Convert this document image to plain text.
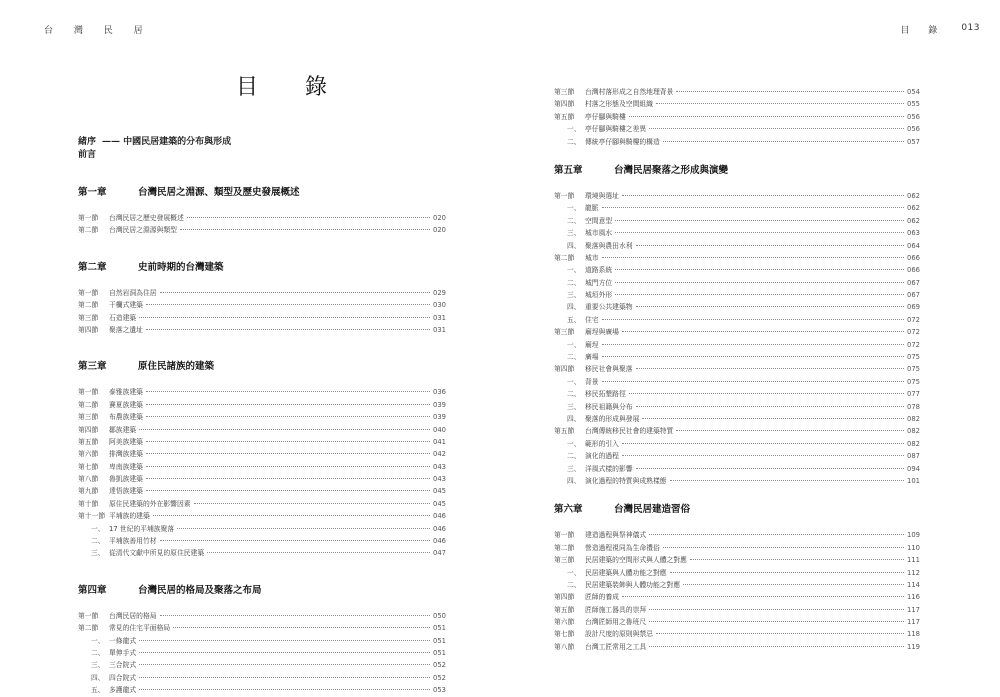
台 灣 民 居
目 錄
緒序 —— 中國民居建築的分布與形成
前言
第一章	台灣民居之淵源、類型及歷史發展概述
第一節	台灣民居之歷史發展概述	020
第二節	台灣民居之淵源與類型	020
第二章	史前時期的台灣建築
第一節	自然岩洞為住居	029
第二節	干欄式建築	030
第三節	石造建築	031
第四節	聚落之遺址	031
第三章	原住民諸族的建築
第一節	泰雅族建築	036
第二節	賽夏族建築	039
第三節	布農族建築	039
第四節	鄒族建築	040
第五節	阿美族建築	041
第六節	排灣族建築	042
第七節	卑南族建築	043
第八節	魯凱族建築	043
第九節	達悟族建築	045
第十節	原住民建築的外在影響因素	045
第十一節 平埔族的建築	046
一、 17 世紀的平埔族聚落	046
二、 平埔族善用竹材	046
三、 從清代文獻中所見的原住民建築	047
第四章	台灣民居的格局及聚落之布局
第一節	台灣民居的格局	050
第二節	常見的住宅平面格局	051
一、 一條龍式	051
二、 單伸手式	051
三、 三合院式	052
四、 四合院式	052
五、 多護龍式	053
目 錄 013
第三節	台灣村落形成之自然地理背景	054
第四節	村落之形態及空間組織	055
第五節	亭仔腳與騎樓	056
一、 亭仔腳與騎樓之差異	056
二、 傳統亭仔腳與騎樓的構造	057
第五章	台灣民居聚落之形成與演變
第一節	環境與選址	062
一、 龍脈	062
二、 空間意型	062
三、 城市風水	063
四、 聚落與農田水利	064
第二節	城市	066
一、 道路系統	066
二、 城門方位	067
三、 城垣外形	067
四、 重要公共建築物	069
五、 住宅	072
第三節	廟埕與廣場	072
一、 廟埕	072
二、 廣場	075
第四節	移民社會與聚落	075
一、 背景	075
二、 移民拓墾路徑	077
三、 移民祖籍與分布	078
四、 聚落的形成與發展	082
第五節	台灣傳統移民社會的建築特質	082
一、 範形的引入	082
二、 演化的過程	087
三、 洋風式樣的影響	094
四、 演化過程的特質與成熟樣態	101
第六章	台灣民居建造習俗
第一節	建造過程與祭神儀式	109
第二節	營造過程視同為生命禮俗	110
第三節	民居建築的空間形式與人體之對應	111
一、 民居建築與人體功能之對應	112
二、 民居建築裝飾與人體功能之對應	114
第四節	匠師的養成	116
第五節	匠師施工器具的崇拜	117
第六節	台灣匠師用之魯班尺	117
第七節	設計尺度的原則與禁忌	118
第八節	台灣工匠常用之工具	119
